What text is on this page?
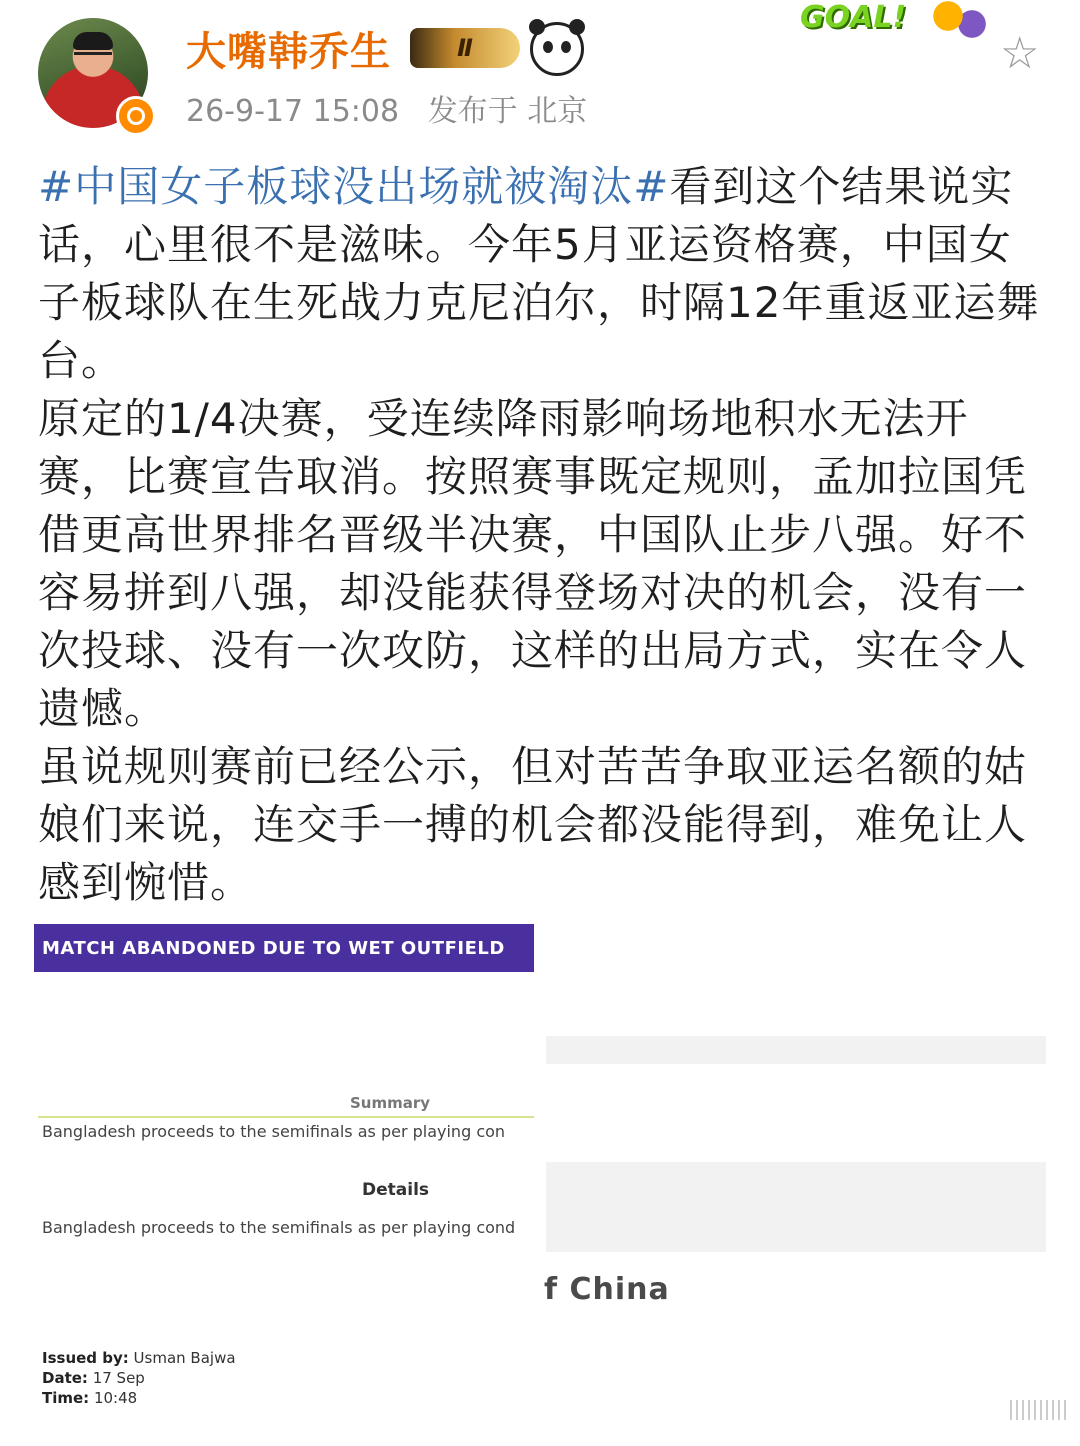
大嘴韩乔生	Ⅱ
26-9-17 15:08 发布于 北京
GOAL!
☆

#中国女子板球没出场就被淘汰#看到这个结果说实话，心里很不是滋味。今年5月亚运资格赛，中国女子板球队在生死战力克尼泊尔，时隔12年重返亚运舞台。

原定的1/4决赛，受连续降雨影响场地积水无法开赛，比赛宣告取消。按照赛事既定规则，孟加拉国凭借更高世界排名晋级半决赛，中国队止步八强。好不容易拼到八强，却没能获得登场对决的机会，没有一次投球、没有一次攻防，这样的出局方式，实在令人遗憾。

虽说规则赛前已经公示，但对苦苦争取亚运名额的姑娘们来说，连交手一搏的机会都没能得到，难免让人感到惋惜。

MATCH ABANDONED DUE TO WET OUTFIELD
Summary
Bangladesh proceeds to the semifinals as per playing con
Details
Bangladesh proceeds to the semifinals as per playing cond
f China
Issued by: Usman Bajwa
Date: 17 Sep
Time: 10:48
